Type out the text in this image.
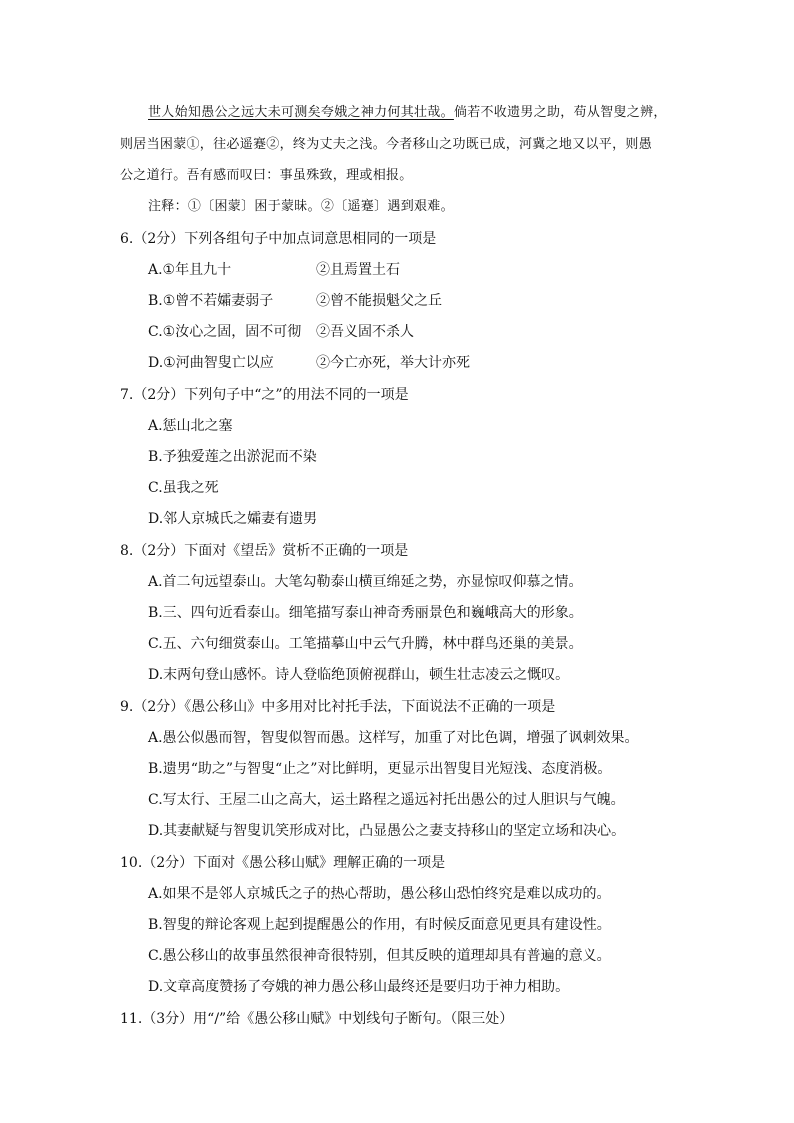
世人始知愚公之远大未可测矣夸娥之神力何其壮哉。倘若不收遗男之助，苟从智叟之辨，
则居当困蒙①，往必遥蹇②，终为丈夫之浅。今者移山之功既已成，河冀之地又以平，则愚
公之道行。吾有感而叹曰：事虽殊致，理或相报。
注释：①〔困蒙〕困于蒙昧。②〔遥蹇〕遇到艰难。
6.（2分）下列各组句子中加点词意思相同的一项是
A.①年且九十	②且焉置土石
B.①曾不若孀妻弱子	②曾不能损魁父之丘
C.①汝心之固，固不可彻 ②吾义固不杀人
D.①河曲智叟亡以应	②今亡亦死，举大计亦死
7.（2分）下列句子中“之”的用法不同的一项是
A.惩山北之塞
B.予独爱莲之出淤泥而不染
C.虽我之死
D.邻人京城氏之孀妻有遗男
8.（2分）下面对《望岳》赏析不正确的一项是
A.首二句远望泰山。大笔勾勒泰山横亘绵延之势，亦显惊叹仰慕之情。
B.三、四句近看泰山。细笔描写泰山神奇秀丽景色和巍峨高大的形象。
C.五、六句细赏泰山。工笔描摹山中云气升腾，林中群鸟还巢的美景。
D.末两句登山感怀。诗人登临绝顶俯视群山，顿生壮志凌云之慨叹。
9.（2分）《愚公移山》中多用对比衬托手法，下面说法不正确的一项是
A.愚公似愚而智，智叟似智而愚。这样写，加重了对比色调，增强了讽刺效果。
B.遗男“助之”与智叟“止之”对比鲜明，更显示出智叟目光短浅、态度消极。
C.写太行、王屋二山之高大，运土路程之遥远衬托出愚公的过人胆识与气魄。
D.其妻献疑与智叟讥笑形成对比，凸显愚公之妻支持移山的坚定立场和决心。
10.（2分）下面对《愚公移山赋》理解正确的一项是
A.如果不是邻人京城氏之子的热心帮助，愚公移山恐怕终究是难以成功的。
B.智叟的辩论客观上起到提醒愚公的作用，有时候反面意见更具有建设性。
C.愚公移山的故事虽然很神奇很特别，但其反映的道理却具有普遍的意义。
D.文章高度赞扬了夸娥的神力愚公移山最终还是要归功于神力相助。
11.（3分）用“/”给《愚公移山赋》中划线句子断句。（限三处）
